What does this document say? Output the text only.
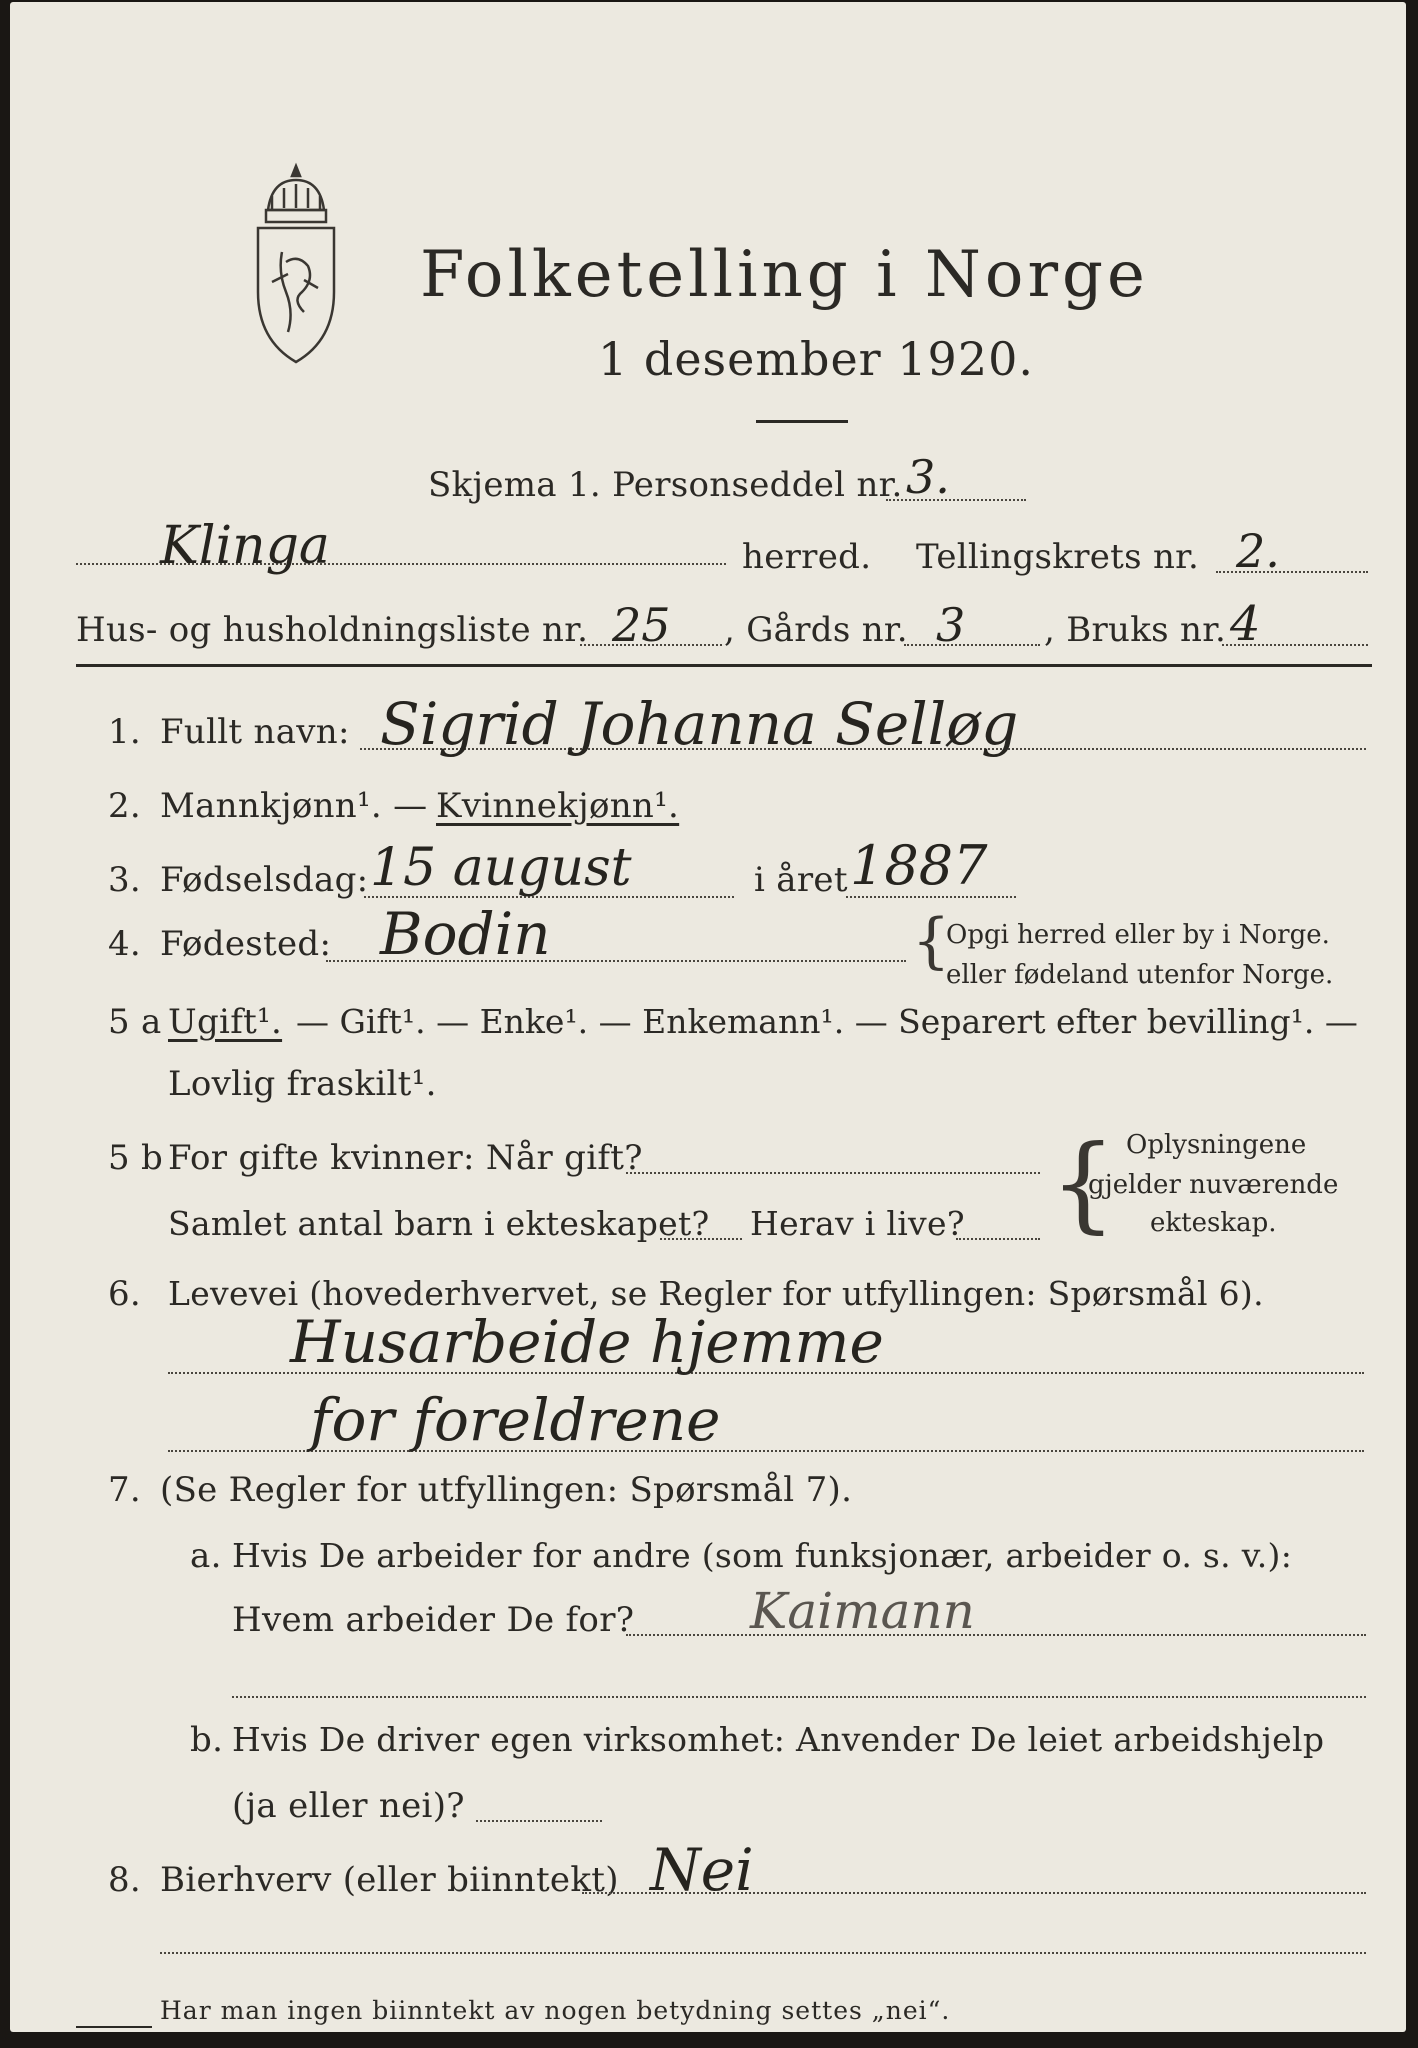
Folketelling i Norge
1 desember 1920.
Skjema 1. Personseddel nr. 3.
Klinga	herred. Tellingskrets nr. 2.
Hus- og husholdningsliste nr. 25 , Gårds nr. 3 , Bruks nr. 4
1. Fullt navn: Sigrid Johanna Selløg
2. Mannkjønn¹. — Kvinnekjønn¹.
3. Fødselsdag: 15 august	i året 1887
4. Fødested: Bodin	{
Opgi herred eller by i Norge.
eller fødeland utenfor Norge.
5 a Ugift¹. — Gift¹. — Enke¹. — Enkemann¹. — Separert efter bevilling¹. —
Lovlig fraskilt¹.
5 b For gifte kvinner: Når gift?
Samlet antal barn i ekteskapet? Herav i live? { Oplysningene
gjelder nuværende
ekteskap.
6. Levevei (hovederhvervet, se Regler for utfyllingen: Spørsmål 6).
Husarbeide hjemme
for foreldrene
7. (Se Regler for utfyllingen: Spørsmål 7).
a. Hvis De arbeider for andre (som funksjonær, arbeider o. s. v.):
Hvem arbeider De for? Kaimann
b. Hvis De driver egen virksomhet: Anvender De leiet arbeidshjelp
(ja eller nei)?
8. Bierhverv (eller biinntekt) Nei
Har man ingen biinntekt av nogen betydning settes „nei“.
